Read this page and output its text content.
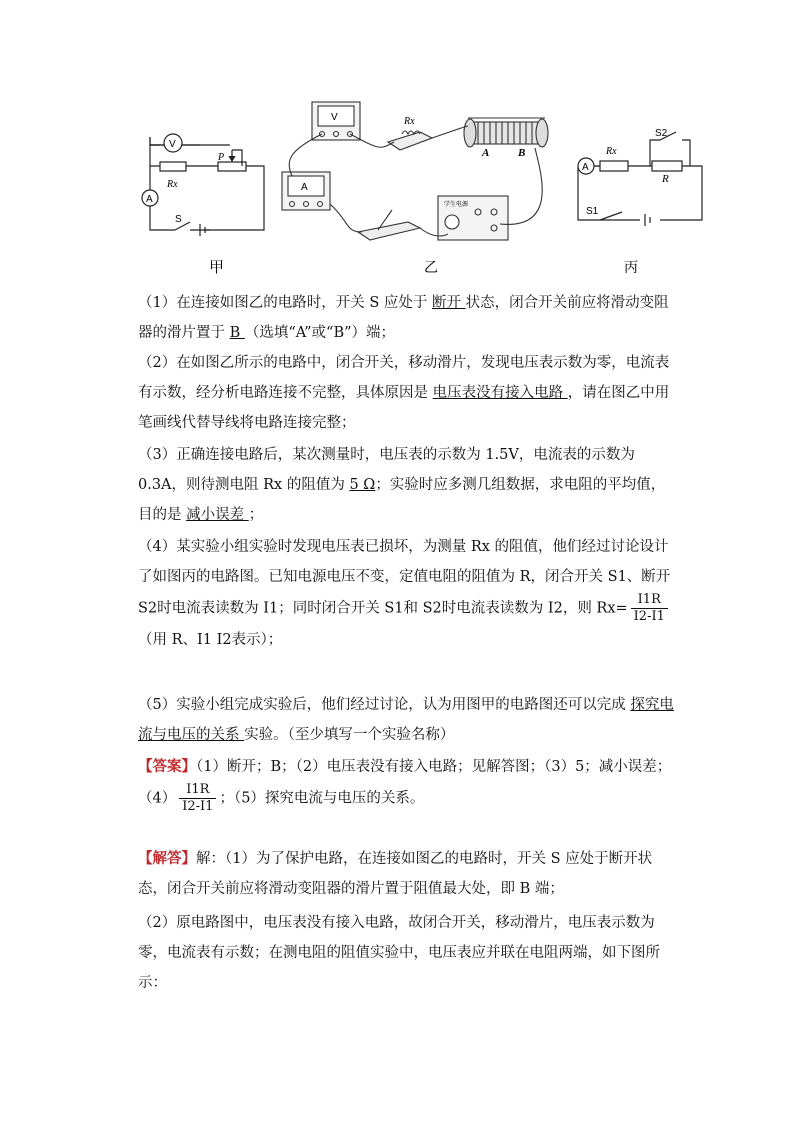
V
A
Rx
P
S
甲
V
A
Rx
A	B
学生电源
乙
A
Rx
R
S1
S2
丙
（1）在连接如图乙的电路时，开关 S 应处于 断开 状态，闭合开关前应将滑动变阻器的滑片置于 B （选填“A”或“B”）端；
（2）在如图乙所示的电路中，闭合开关，移动滑片，发现电压表示数为零，电流表有示数，经分析电路连接不完整，具体原因是 电压表没有接入电路 ，请在图乙中用笔画线代替导线将电路连接完整；
（3）正确连接电路后，某次测量时，电压表的示数为 1.5V，电流表的示数为 0.3A，则待测电阻 Rx 的阻值为 5 Ω；实验时应多测几组数据，求电阻的平均值，目的是 减小误差 ；
（4）某实验小组实验时发现电压表已损坏，为测量 Rx 的阻值，他们经过讨论设计了如图丙的电路图。已知电源电压不变，定值电阻的阻值为 R，闭合开关 S1、断开 S2时电流表读数为 I1；同时闭合开关 S1和 S2时电流表读数为 I2，则 $Rx= \frac{I1R}{I2-I1}$
（用 R、I1 I2表示）；
（5）实验小组完成实验后，他们经过讨论，认为用图甲的电路图还可以完成 探究电流与电压的关系 实验。（至少填写一个实验名称）
【答案】（1）断开；B；（2）电压表没有接入电路；见解答图；（3）5；减小误差；$(4) \frac{I1R}{I2-I1}$ ；（5）探究电流与电压的关系。
【解答】解：（1）为了保护电路，在连接如图乙的电路时，开关 S 应处于断开状态，闭合开关前应将滑动变阻器的滑片置于阻值最大处，即 B 端；
（2）原电路图中，电压表没有接入电路，故闭合开关，移动滑片，电压表示数为零，电流表有示数；在测电阻的阻值实验中，电压表应并联在电阻两端，如下图所示：
